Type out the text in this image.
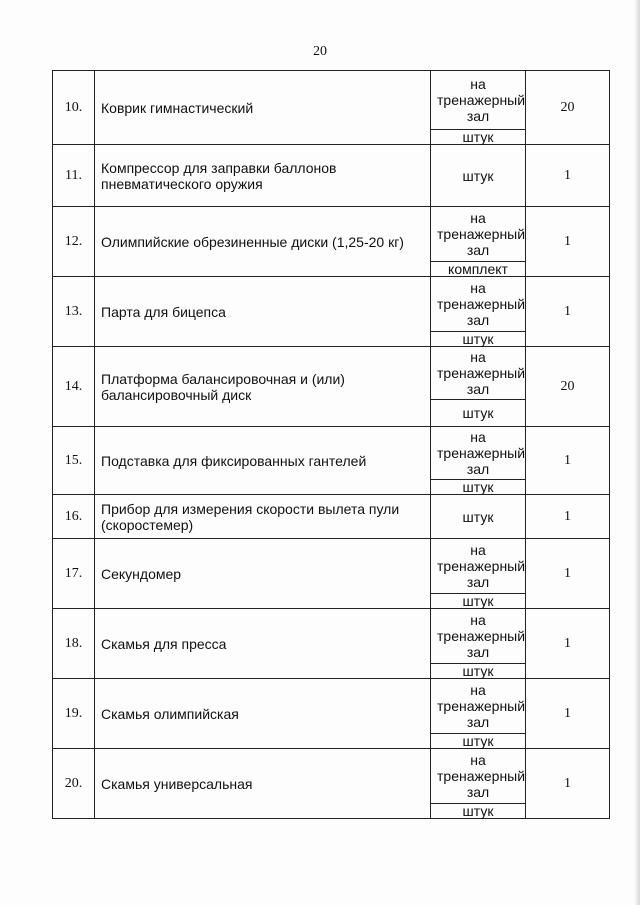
20
10.	Коврик гимнастический	на тренажерный зал	20
		штук	
11.	Компрессор для заправки баллонов пневматического оружия	штук	1
12.	Олимпийские обрезиненные диски (1,25-20 кг)	на тренажерный зал	1
		комплект	
13.	Парта для бицепса	на тренажерный зал	1
		штук	
14.	Платформа балансировочная и (или) балансировочный диск	на тренажерный зал	20
		штук	
15.	Подставка для фиксированных гантелей	на тренажерный зал	1
		штук	
16.	Прибор для измерения скорости вылета пули (скоростемер)	штук	1
17.	Секундомер	на тренажерный зал	1
		штук	
18.	Скамья для пресса	на тренажерный зал	1
		штук	
19.	Скамья олимпийская	на тренажерный зал	1
		штук	
20.	Скамья универсальная	на тренажерный зал	1
		штук	
